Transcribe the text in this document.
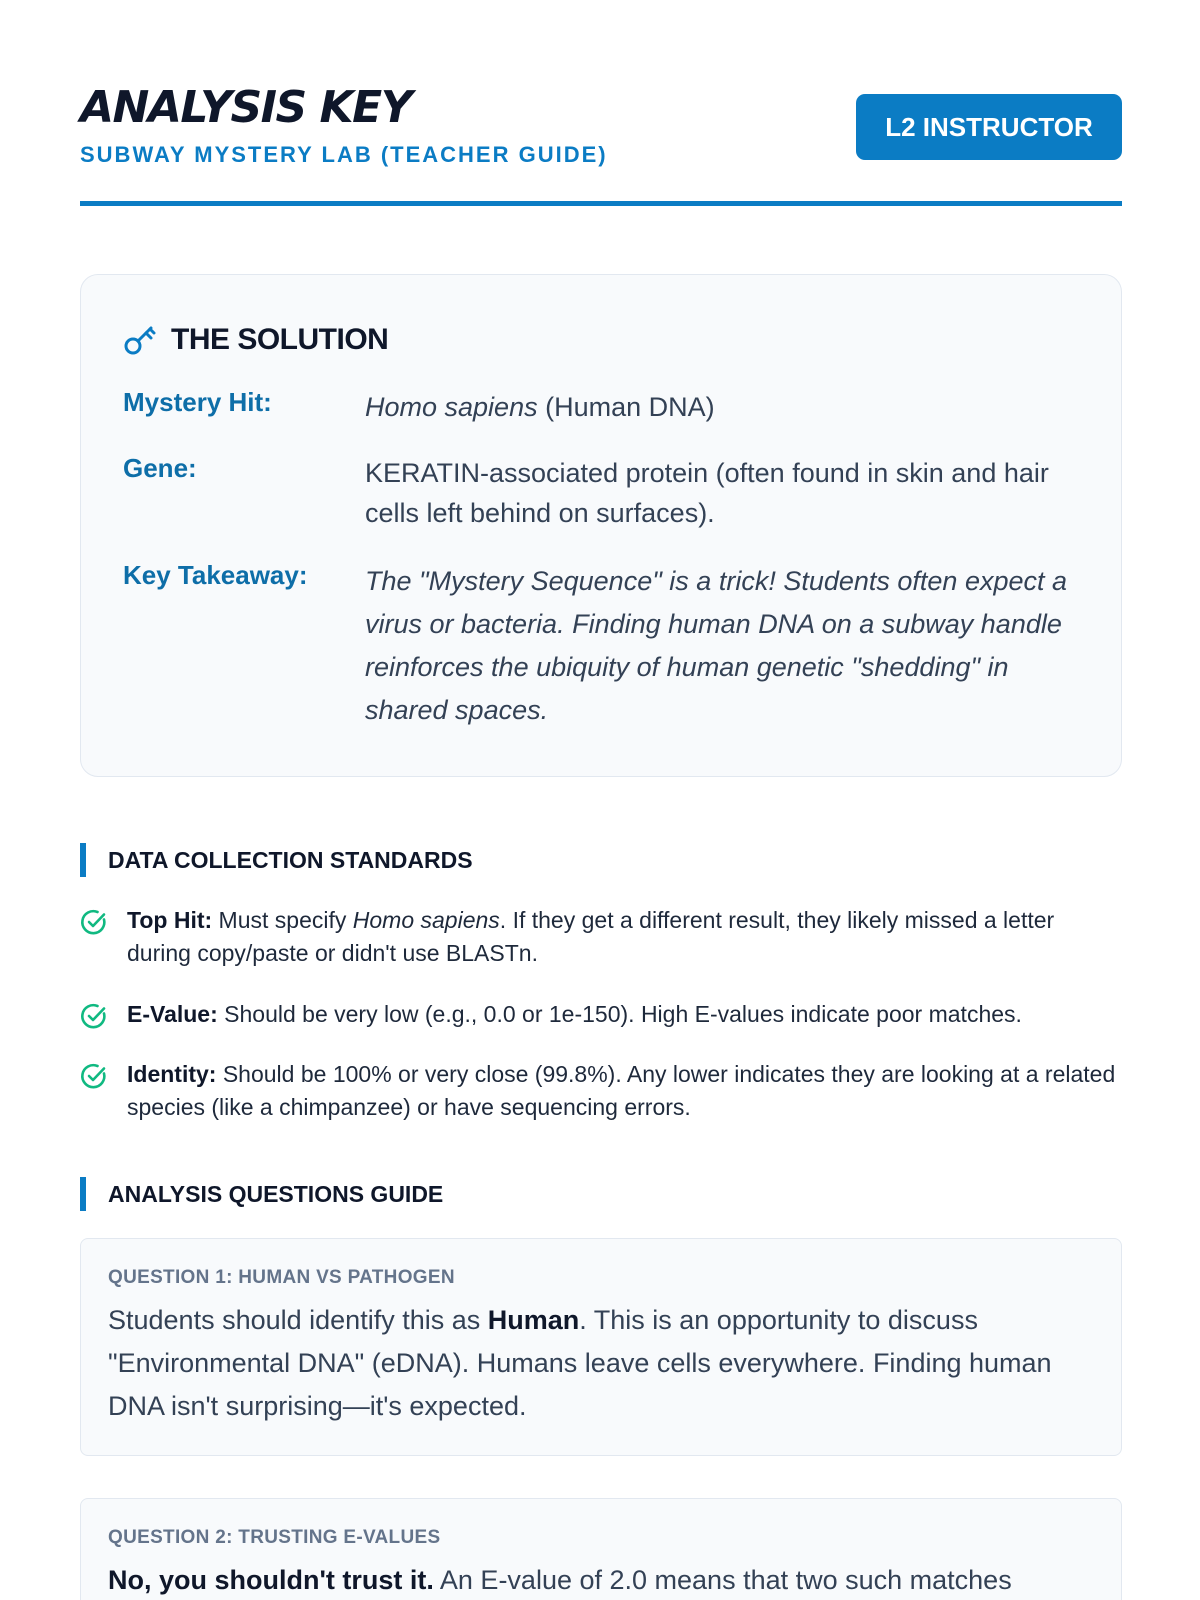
ANALYSIS KEY
SUBWAY MYSTERY LAB (TEACHER GUIDE)
L2 INSTRUCTOR
THE SOLUTION
Mystery Hit:	Homo sapiens (Human DNA)
Gene:	KERATIN-associated protein (often found in skin and hair cells left behind on surfaces).
Key Takeaway:	The "Mystery Sequence" is a trick! Students often expect a virus or bacteria. Finding human DNA on a subway handle reinforces the ubiquity of human genetic "shedding" in shared spaces.
DATA COLLECTION STANDARDS
Top Hit: Must specify Homo sapiens. If they get a different result, they likely missed a letter during copy/paste or didn't use BLASTn.
E-Value: Should be very low (e.g., 0.0 or 1e-150). High E-values indicate poor matches.
Identity: Should be 100% or very close (99.8%). Any lower indicates they are looking at a related species (like a chimpanzee) or have sequencing errors.
ANALYSIS QUESTIONS GUIDE
QUESTION 1: HUMAN VS PATHOGEN
Students should identify this as Human. This is an opportunity to discuss "Environmental DNA" (eDNA). Humans leave cells everywhere. Finding human DNA isn't surprising—it's expected.
QUESTION 2: TRUSTING E-VALUES
No, you shouldn't trust it. An E-value of 2.0 means that two such matches
